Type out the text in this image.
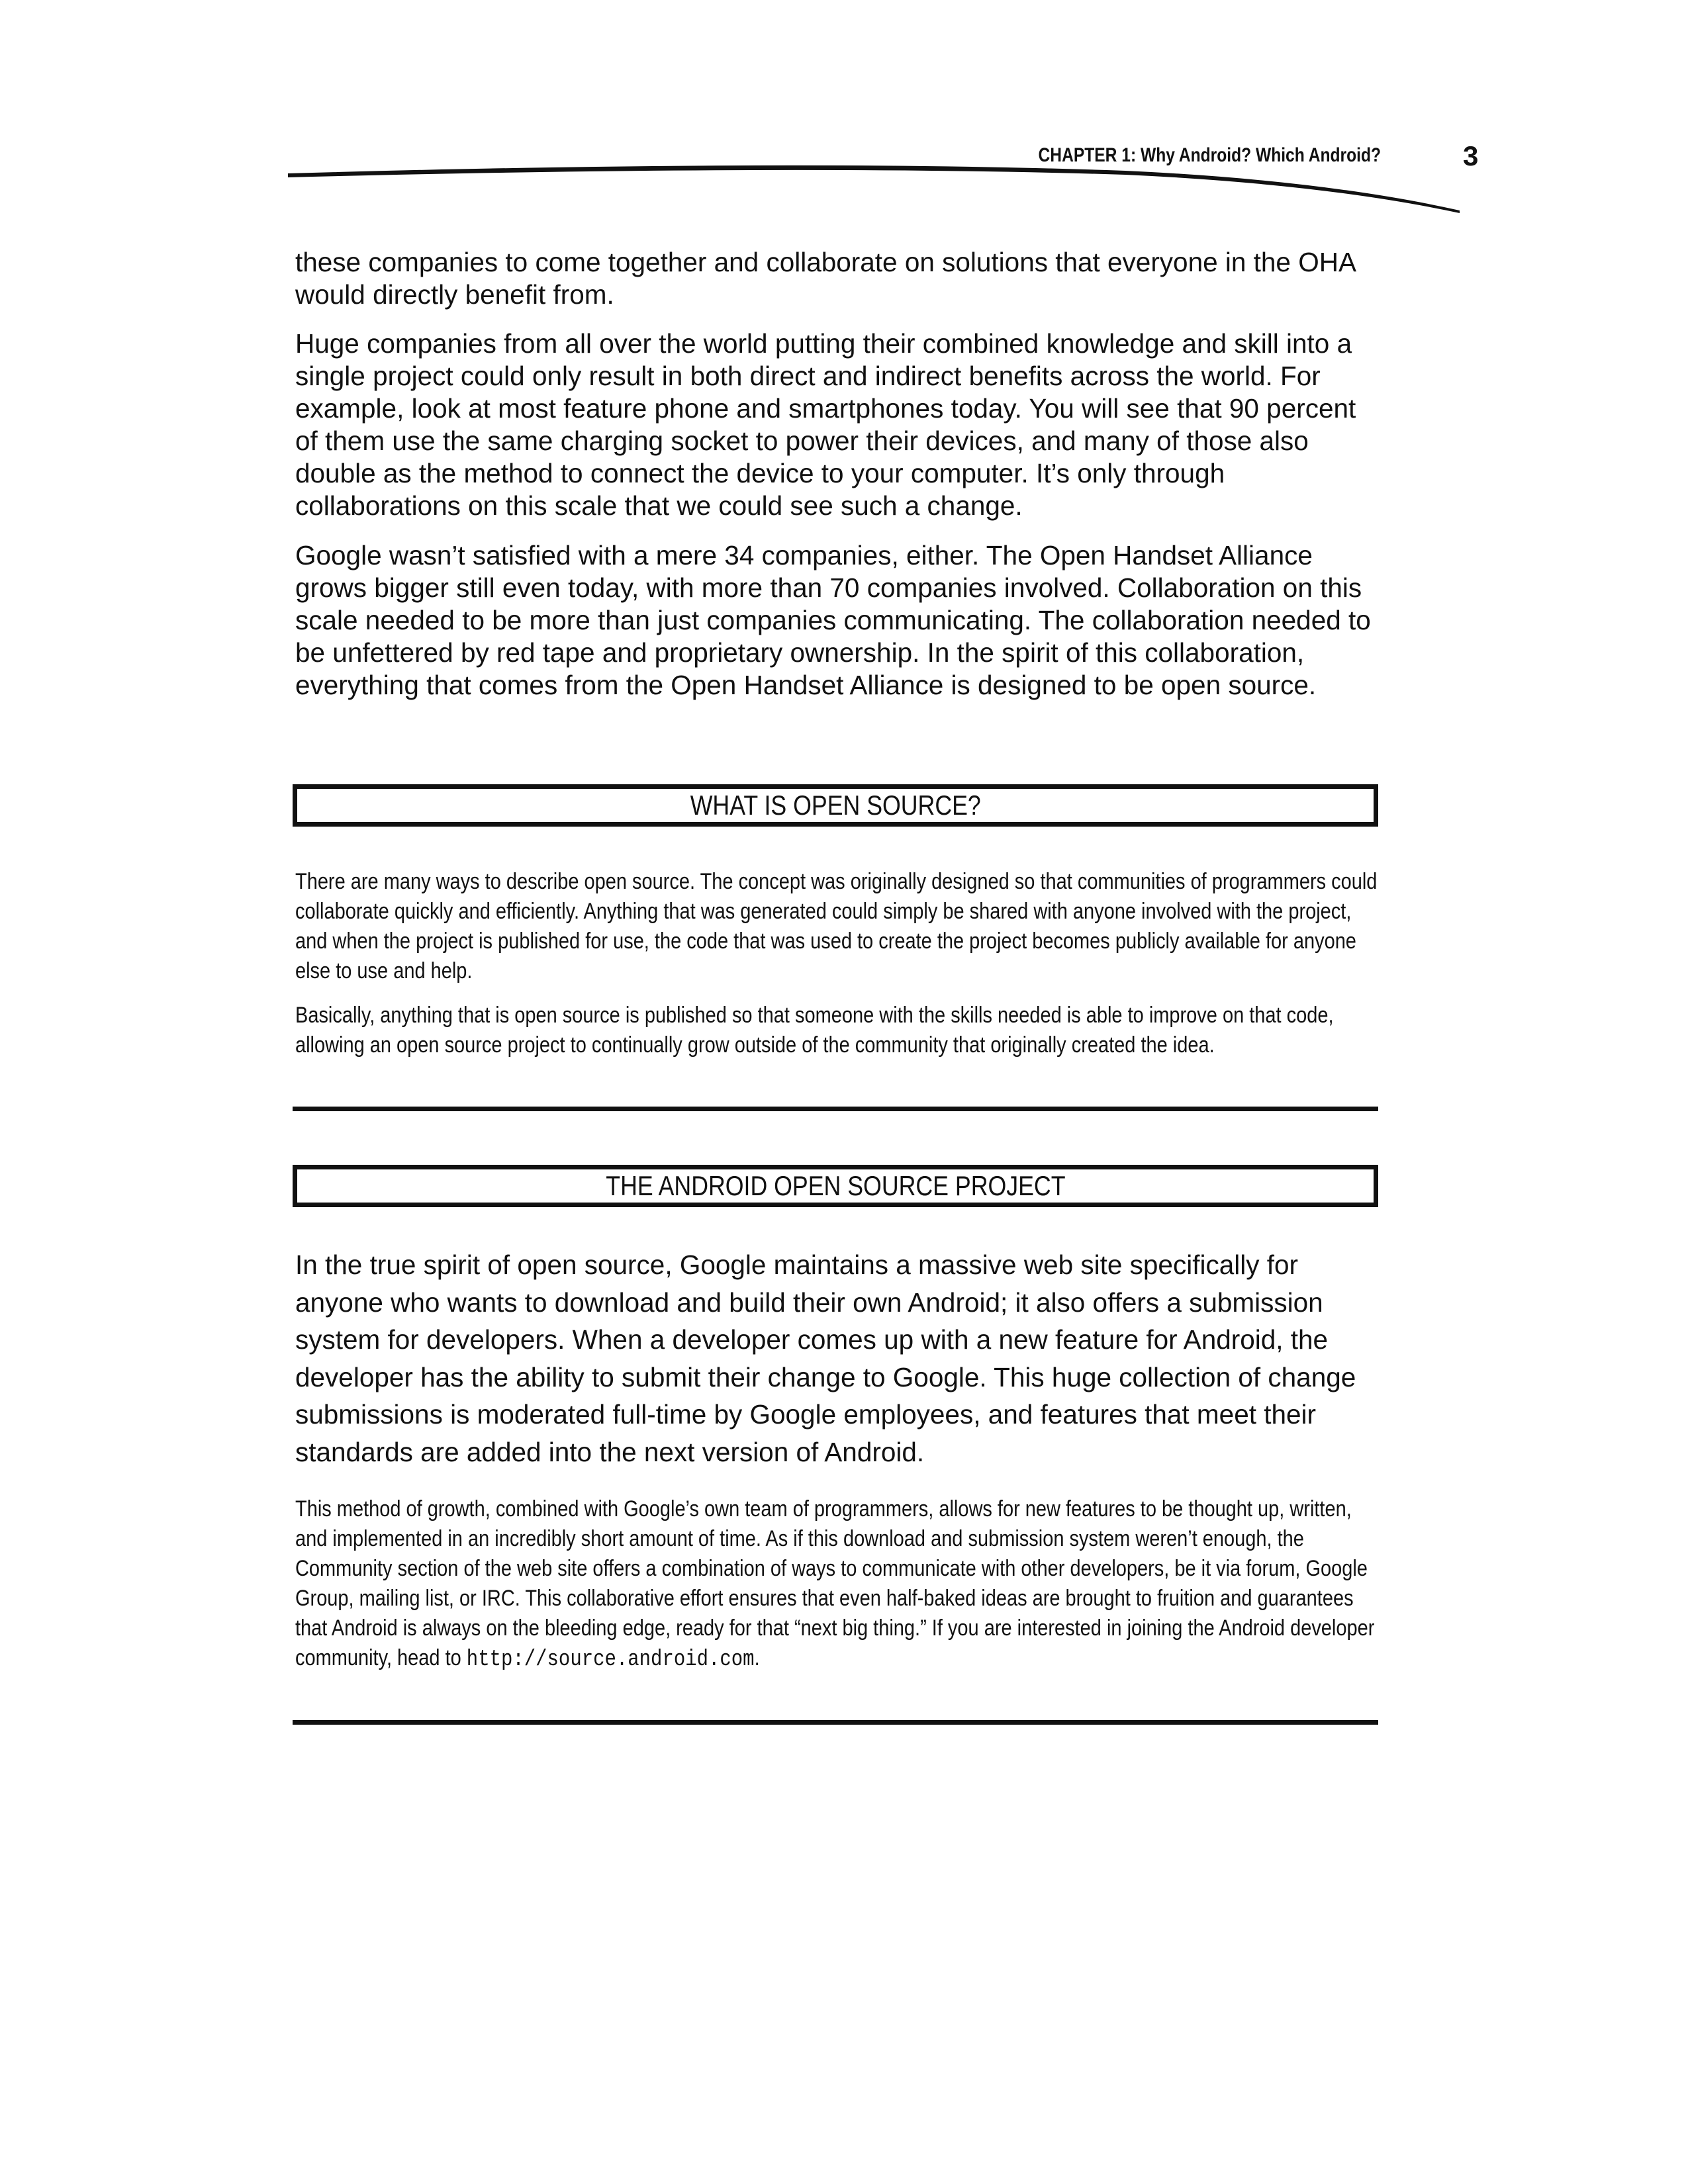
CHAPTER 1: Why Android? Which Android?	3

these companies to come together and collaborate on solutions that everyone in the OHA would directly benefit from.

Huge companies from all over the world putting their combined knowledge and skill into a single project could only result in both direct and indirect benefits across the world. For example, look at most feature phone and smartphones today. You will see that 90 percent of them use the same charging socket to power their devices, and many of those also double as the method to connect the device to your computer. It’s only through collaborations on this scale that we could see such a change.

Google wasn’t satisfied with a mere 34 companies, either. The Open Handset Alliance grows bigger still even today, with more than 70 companies involved. Collaboration on this scale needed to be more than just companies communicating. The collaboration needed to be unfettered by red tape and proprietary ownership. In the spirit of this collaboration, everything that comes from the Open Handset Alliance is designed to be open source.

WHAT IS OPEN SOURCE?

There are many ways to describe open source. The concept was originally designed so that communities of programmers could collaborate quickly and efficiently. Anything that was generated could simply be shared with anyone involved with the project, and when the project is published for use, the code that was used to create the project becomes publicly available for anyone else to use and help.

Basically, anything that is open source is published so that someone with the skills needed is able to improve on that code, allowing an open source project to continually grow outside of the community that originally created the idea.

THE ANDROID OPEN SOURCE PROJECT

In the true spirit of open source, Google maintains a massive web site specifically for anyone who wants to download and build their own Android; it also offers a submission system for developers. When a developer comes up with a new feature for Android, the developer has the ability to submit their change to Google. This huge collection of change submissions is moderated full-time by Google employees, and features that meet their standards are added into the next version of Android.

This method of growth, combined with Google’s own team of programmers, allows for new features to be thought up, written, and implemented in an incredibly short amount of time. As if this download and submission system weren’t enough, the Community section of the web site offers a combination of ways to communicate with other developers, be it via forum, Google Group, mailing list, or IRC. This collaborative effort ensures that even half-baked ideas are brought to fruition and guarantees that Android is always on the bleeding edge, ready for that “next big thing.” If you are interested in joining the Android developer community, head to http://source.android.com.
